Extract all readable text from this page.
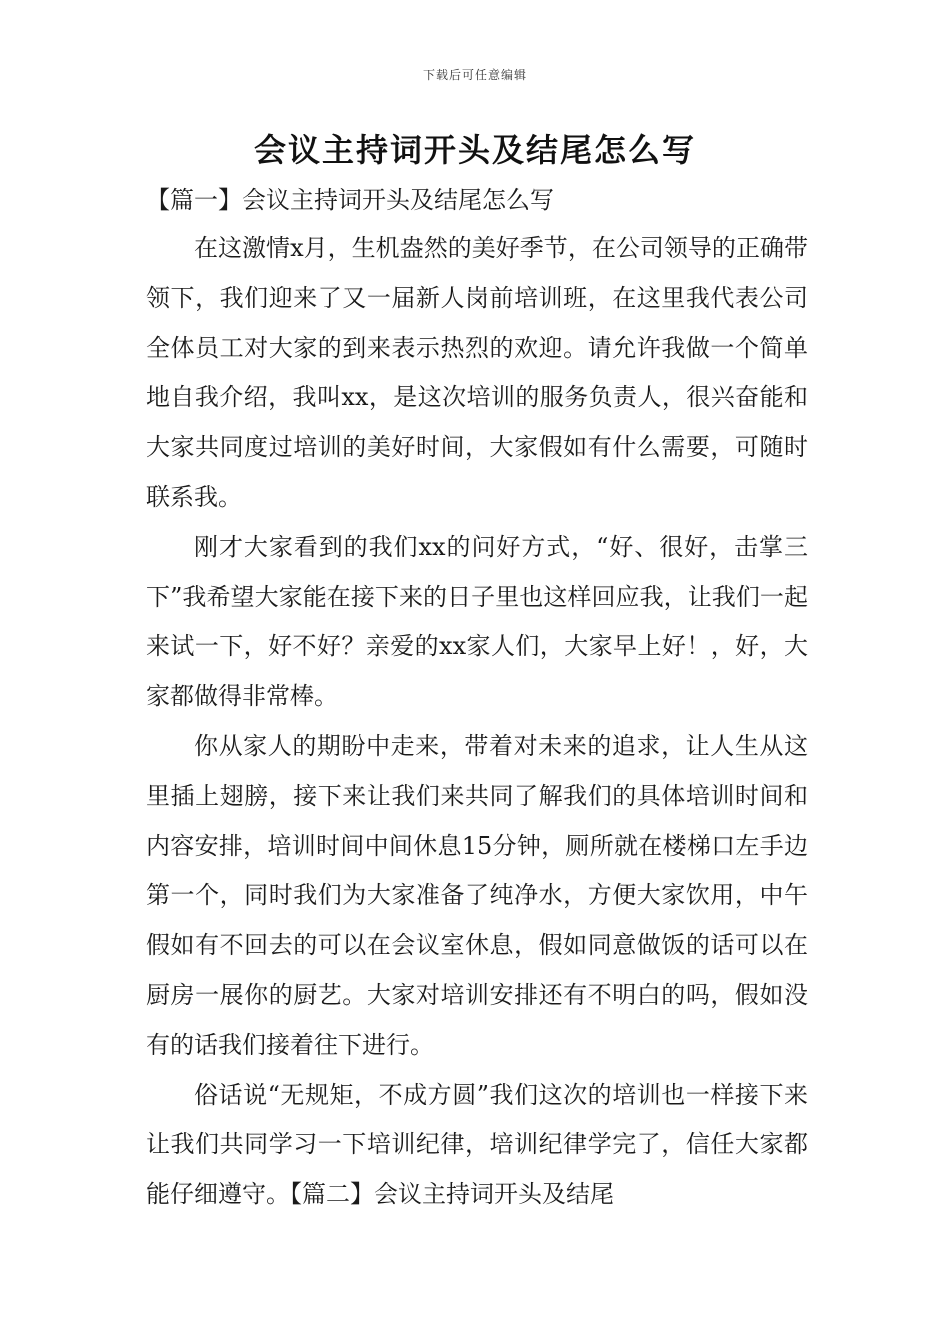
下载后可任意编辑
会议主持词开头及结尾怎么写

【篇一】会议主持词开头及结尾怎么写

在这激情x月，生机盎然的美好季节，在公司领导的正确带领下，我们迎来了又一届新人岗前培训班，在这里我代表公司全体员工对大家的到来表示热烈的欢迎。请允许我做一个简单地自我介绍，我叫xx，是这次培训的服务负责人，很兴奋能和大家共同度过培训的美好时间，大家假如有什么需要，可随时联系我。

刚才大家看到的我们xx的问好方式，“好、很好，击掌三下”我希望大家能在接下来的日子里也这样回应我，让我们一起来试一下，好不好？亲爱的xx家人们，大家早上好！，好，大家都做得非常棒。

你从家人的期盼中走来，带着对未来的追求，让人生从这里插上翅膀，接下来让我们来共同了解我们的具体培训时间和内容安排，培训时间中间休息15分钟，厕所就在楼梯口左手边第一个，同时我们为大家准备了纯净水，方便大家饮用，中午假如有不回去的可以在会议室休息，假如同意做饭的话可以在厨房一展你的厨艺。大家对培训安排还有不明白的吗，假如没有的话我们接着往下进行。

俗话说“无规矩，不成方圆”我们这次的培训也一样接下来让我们共同学习一下培训纪律，培训纪律学完了，信任大家都能仔细遵守。【篇二】会议主持词开头及结尾
